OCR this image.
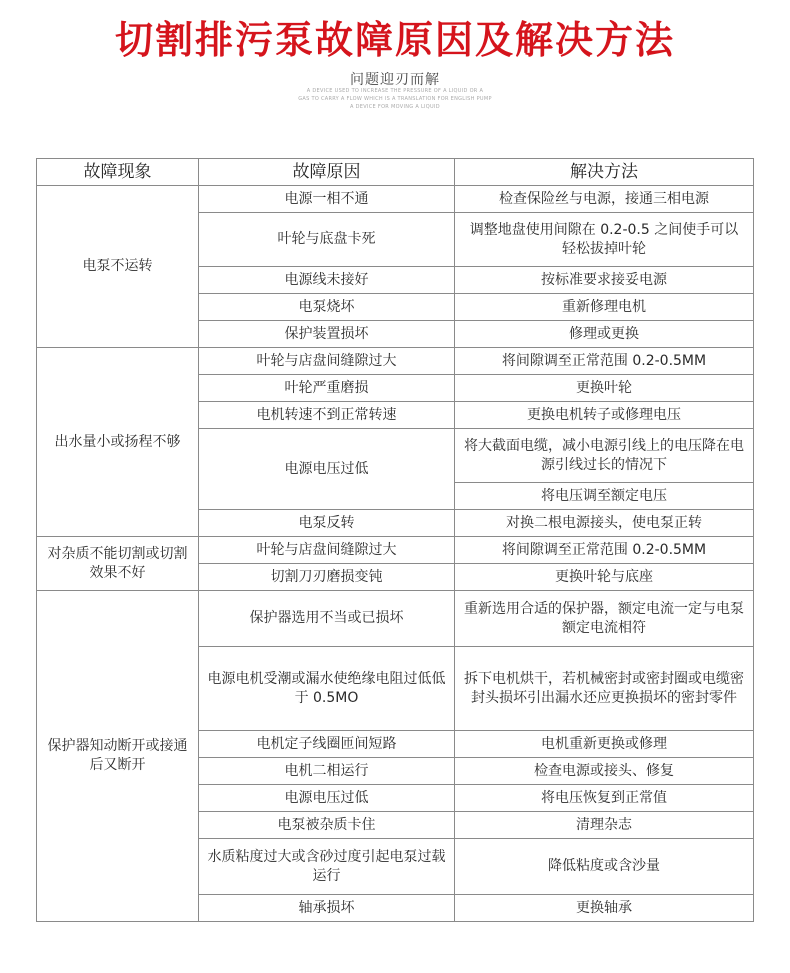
切割排污泵故障原因及解决方法
问题迎刃而解
A DEVICE USED TO INCREASE THE PRESSURE OF A LIQUID OR A
GAS TO CARRY A FLOW WHICH IS A TRANSLATION FOR ENGLISH PUMP
A DEVICE FOR MOVING A LIQUID
故障现象	故障原因	解决方法
电泵不运转	电源一相不通	检查保险丝与电源，接通三相电源
	叶轮与底盘卡死	调整地盘使用间隙在 0.2-0.5 之间使手可以轻松拔掉叶轮
	电源线未接好	按标准要求接妥电源
	电泵烧坏	重新修理电机
	保护装置损坏	修理或更换
出水量小或扬程不够	叶轮与店盘间缝隙过大	将间隙调至正常范围 0.2-0.5MM
	叶轮严重磨损	更换叶轮
	电机转速不到正常转速	更换电机转子或修理电压
	电源电压过低	将大截面电缆，减小电源引线上的电压降在电源引线过长的情况下
		将电压调至额定电压
	电泵反转	对换二根电源接头，使电泵正转
对杂质不能切割或切割效果不好	叶轮与店盘间缝隙过大	将间隙调至正常范围 0.2-0.5MM
	切割刀刃磨损变钝	更换叶轮与底座
保护器知动断开或接通后又断开	保护器选用不当或已损坏	重新选用合适的保护器，额定电流一定与电泵额定电流相符
	电源电机受潮或漏水使绝缘电阻过低低于 0.5MO	拆下电机烘干，若机械密封或密封圈或电缆密封头损坏引出漏水还应更换损坏的密封零件
	电机定子线圈匝间短路	电机重新更换或修理
	电机二相运行	检查电源或接头、修复
	电源电压过低	将电压恢复到正常值
	电泵被杂质卡住	清理杂志
	水质粘度过大或含砂过度引起电泵过载运行	降低粘度或含沙量
	轴承损坏	更换轴承
